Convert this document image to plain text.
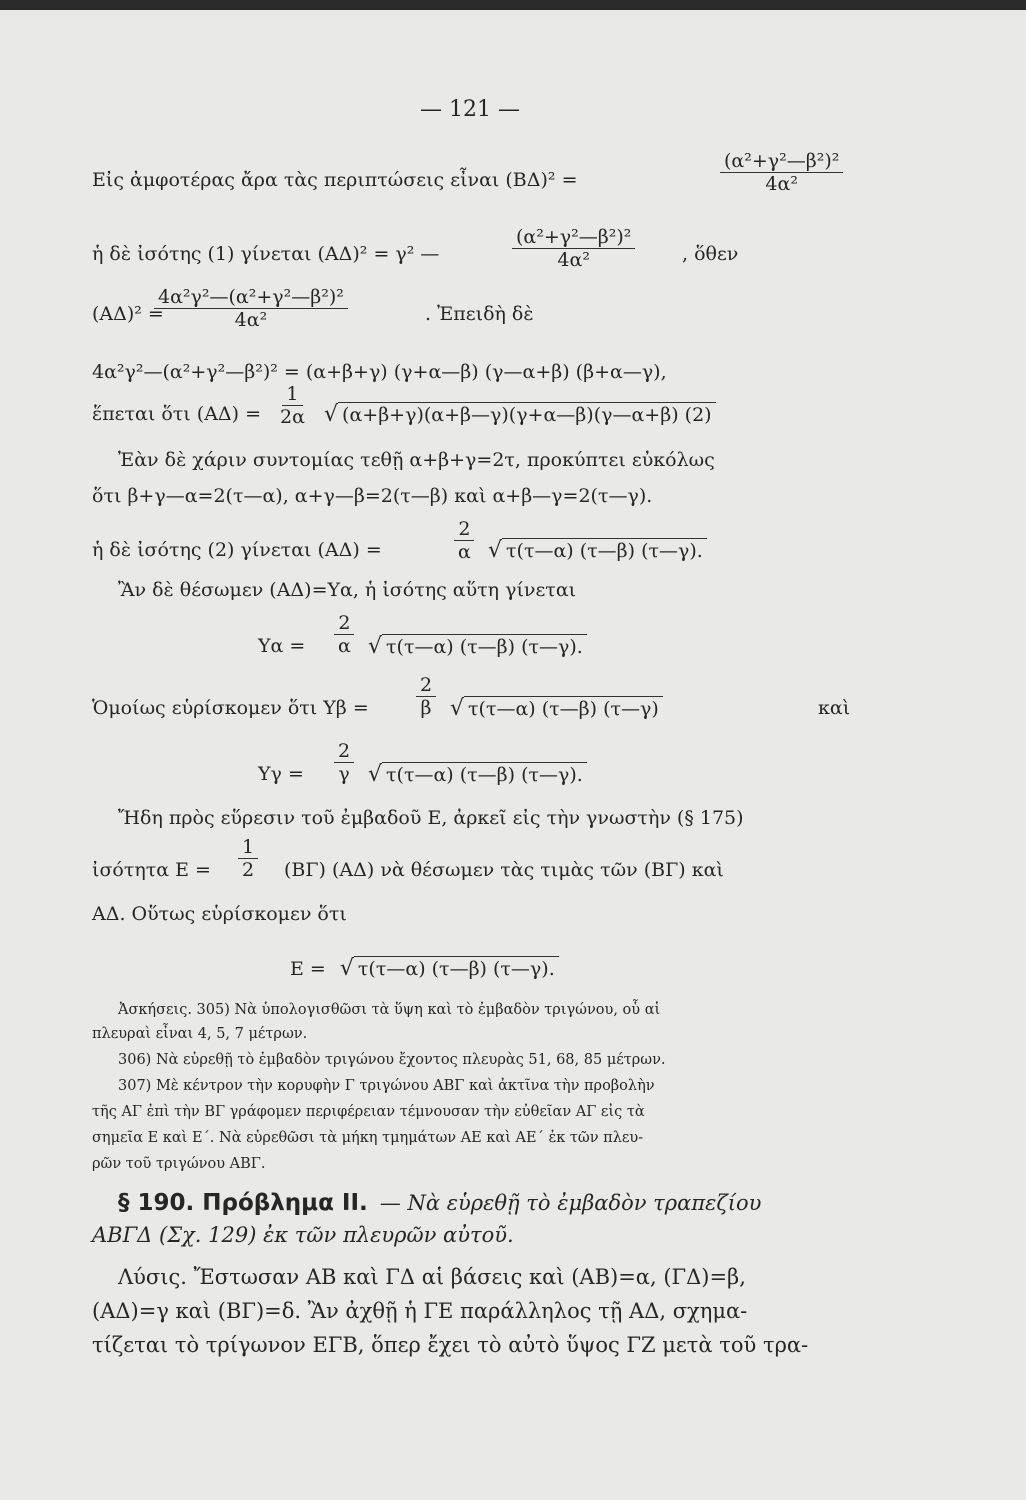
— 121 —
Εἰς ἀμφοτέρας ἄρα τὰς περιπτώσεις εἶναι (ΒΔ)² =	$\frac{\text{(α²+γ²—β²)²}}{\text{4α²}}$
ἡ δὲ ἰσότης (1) γίνεται (ΑΔ)² = γ² —	$\frac{\text{(α²+γ²—β²)²}}{\text{4α²}}$ , ὅθεν
(ΑΔ)² =
$\frac{\text{4α²γ²—(α²+γ²—β²)²}}{\text{4α²}}$	. Ἐπειδὴ δὲ
4α²γ²—(α²+γ²—β²)² = (α+β+γ) (γ+α—β) (γ—α+β) (β+α—γ),
ἕπεται ὅτι $(A\Delta) = \frac{1}{2\alpha}$	√ (α+β+γ)(α+β—γ)(γ+α—β)(γ—α+β) (2)
Ἐὰν δὲ χάριν συντομίας τεθῇ α+β+γ=2τ, προκύπτει εὐκόλως
ὅτι β+γ—α=2(τ—α), α+γ—β=2(τ—β) καὶ α+β—γ=2(τ—γ).
ἡ δὲ ἰσότης (2) γίνεται (ΑΔ) =	$\frac{2}{\alpha}$	√ τ(τ—α) (τ—β) (τ—γ).
Ἂν δὲ θέσωμεν (ΑΔ)=Υα, ἡ ἰσότης αὕτη γίνεται
$\Upsilon\alpha = \frac{2}{\alpha}$	√ τ(τ—α) (τ—β) (τ—γ).
Ὁμοίως εὑρίσκομεν ὅτι $\Upsilon\beta = \frac{2}{\beta}$	√ τ(τ—α) (τ—β) (τ—γ)	καὶ
$\Upsilon\gamma = \frac{2}{\gamma}$	√ τ(τ—α) (τ—β) (τ—γ).
Ἤδη πρὸς εὕρεσιν τοῦ ἐμβαδοῦ Ε, ἀρκεῖ εἰς τὴν γνωστὴν (§ 175)
ἰσότητα $E = \frac{1}{2} (B\Gamma)$ (ΑΔ) νὰ θέσωμεν τὰς τιμὰς τῶν (ΒΓ) καὶ
ΑΔ. Οὕτως εὑρίσκομεν ὅτι
Ε = √ τ(τ—α) (τ—β) (τ—γ).
Ἀσκήσεις. 305) Νὰ ὑπολογισθῶσι τὰ ὕψη καὶ τὸ ἐμβαδὸν τριγώνου, οὗ αἱ
πλευραὶ εἶναι 4, 5, 7 μέτρων.
306) Νὰ εὑρεθῇ τὸ ἐμβαδὸν τριγώνου ἔχοντος πλευρὰς 51, 68, 85 μέτρων.
307) Μὲ κέντρον τὴν κορυφὴν Γ τριγώνου ΑΒΓ καὶ ἀκτῖνα τὴν προβολὴν
τῆς ΑΓ ἐπὶ τὴν ΒΓ γράφομεν περιφέρειαν τέμνουσαν τὴν εὐθεῖαν ΑΓ εἰς τὰ
σημεῖα Ε καὶ Ε΄. Νὰ εὑρεθῶσι τὰ μήκη τμημάτων ΑΕ καὶ ΑΕ΄ ἐκ τῶν πλευ-
ρῶν τοῦ τριγώνου ΑΒΓ.
§ 190. Πρόβλημα ΙΙ. — Νὰ εὑρεθῇ τὸ ἐμβαδὸν τραπεζίου
ΑΒΓΔ (Σχ. 129) ἐκ τῶν πλευρῶν αὐτοῦ.
Λύσις. Ἔστωσαν ΑΒ καὶ ΓΔ αἱ βάσεις καὶ (ΑΒ)=α, (ΓΔ)=β,
(ΑΔ)=γ καὶ (ΒΓ)=δ. Ἂν ἀχθῇ ἡ ΓΕ παράλληλος τῇ ΑΔ, σχημα-
τίζεται τὸ τρίγωνον ΕΓΒ, ὅπερ ἔχει τὸ αὐτὸ ὕψος ΓΖ μετὰ τοῦ τρα-
